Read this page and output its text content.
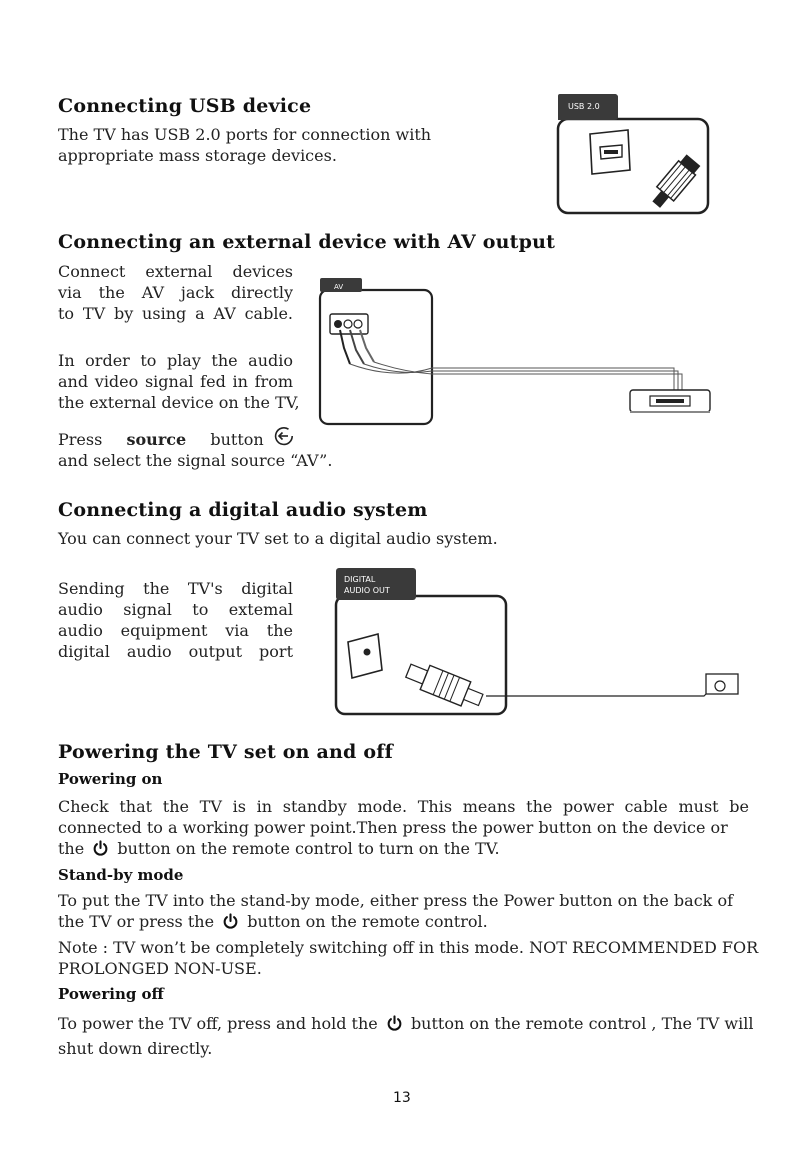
Connecting USB device
The TV has USB 2.0 ports for connection with
appropriate mass storage devices.
USB 2.0
Connecting an external device with AV output
Connect external devices
via the AV jack directly
to TV by using a AV cable.
In order to play the audio
and video signal fed in from
the external device on the TV,
Press source button
and select the signal source “AV”.
AV
Connecting a digital audio system
You can connect your TV set to a digital audio system.
Sending the TV's digital
audio signal to extemal
audio equipment via the
digital audio output port
DIGITAL
AUDIO OUT
Powering the TV set on and off
Powering on
Check that the TV is in standby mode. This means the power cable must be
connected to a working power point.Then press the power button on the device or
the button on the remote control to turn on the TV.
Stand-by mode
To put the TV into the stand-by mode, either press the Power button on the back of
the TV or press the button on the remote control.
Note : TV won’t be completely switching off in this mode. NOT RECOMMENDED FOR
PROLONGED NON-USE.
Powering off
To power the TV off, press and hold the button on the remote control , The TV will
shut down directly.
13
